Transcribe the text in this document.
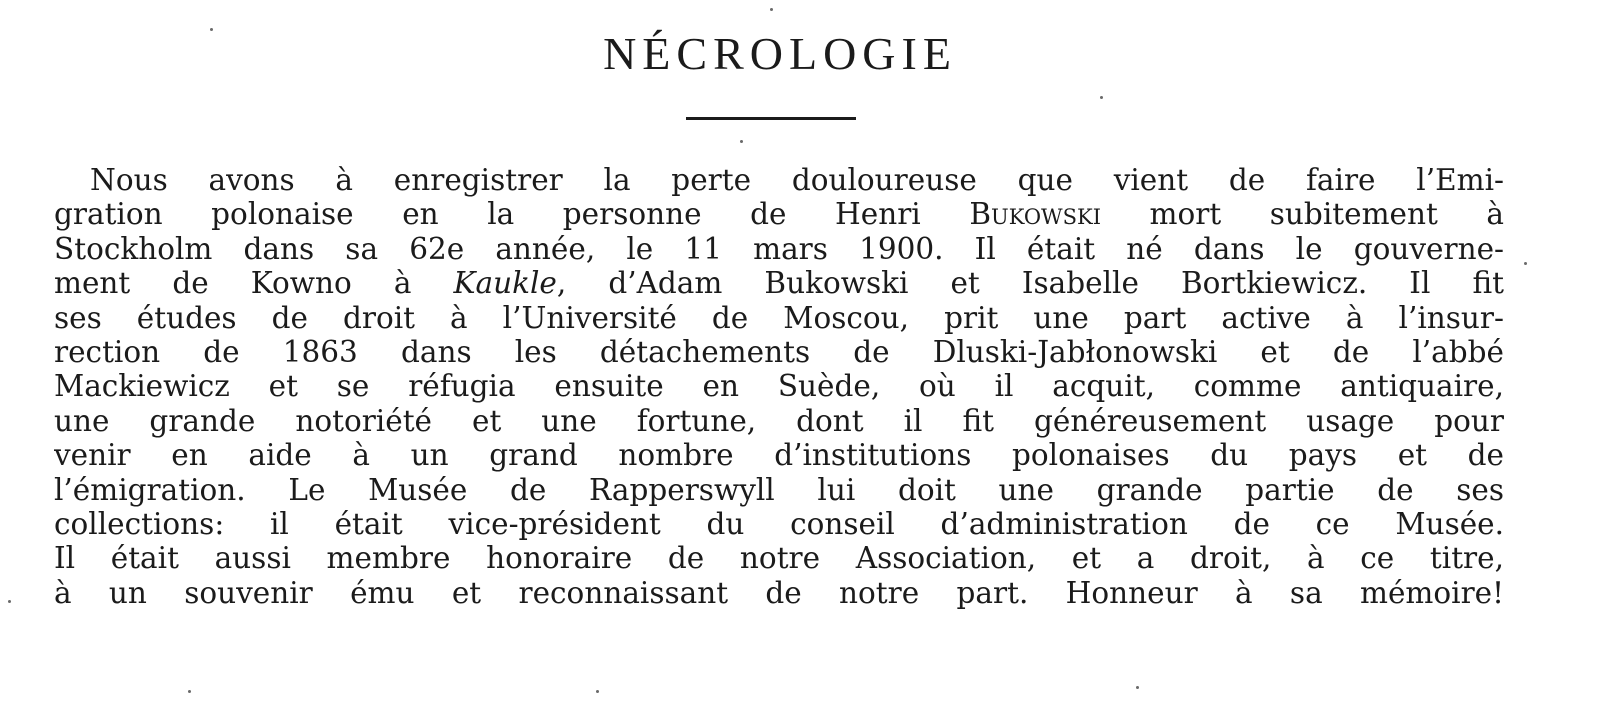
NÉCROLOGIE
Nous avons à enregistrer la perte douloureuse que vient de faire l’Emi-
gration polonaise en la personne de Henri Bukowski mort subitement à
Stockholm dans sa 62e année, le 11 mars 1900. Il était né dans le gouverne-
ment de Kowno à Kaukle, d’Adam Bukowski et Isabelle Bortkiewicz. Il fit
ses études de droit à l’Université de Moscou, prit une part active à l’insur-
rection de 1863 dans les détachements de Dluski-Jabłonowski et de l’abbé
Mackiewicz et se réfugia ensuite en Suède, où il acquit, comme antiquaire,
une grande notoriété et une fortune, dont il fit généreusement usage pour
venir en aide à un grand nombre d’institutions polonaises du pays et de
l’émigration. Le Musée de Rapperswyll lui doit une grande partie de ses
collections: il était vice-président du conseil d’administration de ce Musée.
Il était aussi membre honoraire de notre Association, et a droit, à ce titre,
à un souvenir ému et reconnaissant de notre part. Honneur à sa mémoire!
